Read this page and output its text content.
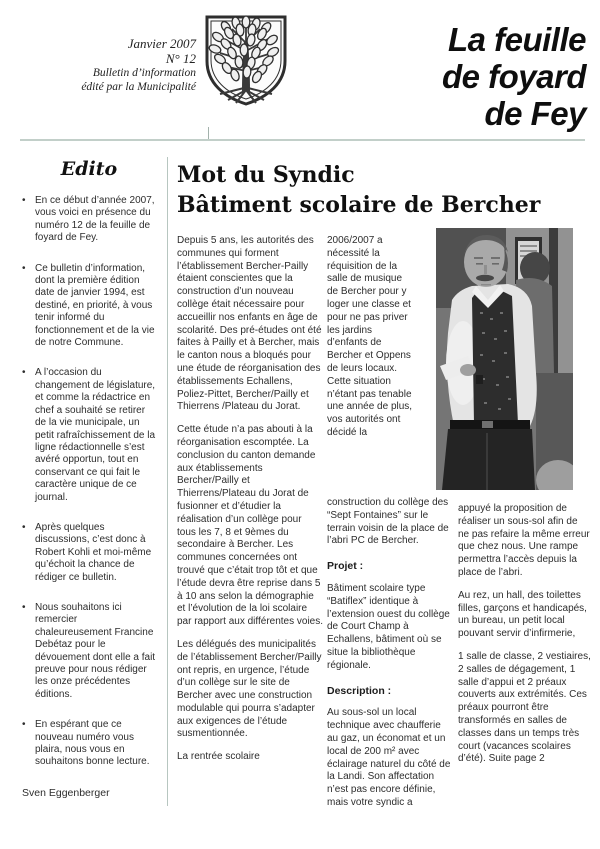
Janvier 2007
N° 12
Bulletin d’information
édité par la Municipalité
La feuille
de foyard
de Fey
Edito
•
En ce début d’année 2007, vous voici en présence du numéro 12 de la feuille de foyard de Fey.
•
Ce bulletin d’information, dont la première édition date de janvier 1994, est destiné, en priorité, à vous tenir informé du fonctionnement et de la vie de notre Commune.
•
A l’occasion du changement de législature, et comme la rédactrice en chef a souhaité se retirer de la vie municipale, un petit rafraîchissement de la ligne rédactionnelle s’est avéré opportun, tout en conservant ce qui fait le caractère unique de ce journal.
•
Après quelques discussions, c’est donc à Robert Kohli et moi-même qu’échoit la chance de rédiger ce bulletin.
•
Nous souhaitons ici remercier chaleureusement Francine Debétaz pour le dévouement dont elle a fait preuve pour nous rédiger les onze précédentes éditions.
•
En espérant que ce nouveau numéro vous plaira, nous vous en souhaitons bonne lecture.
Sven Eggenberger
Mot du Syndic
Bâtiment scolaire de Bercher

Depuis 5 ans, les autorités des communes qui forment l’établissement Bercher-Pailly étaient conscientes que la construction d’un nouveau collège était nécessaire pour accueillir nos enfants en âge de scolarité. Des pré-études ont été faites à Pailly et à Bercher, mais le canton nous a bloqués pour une étude de réorganisation des établissements Echallens, Poliez-Pittet, Bercher/Pailly et Thierrens /Plateau du Jorat.

Cette étude n’a pas abouti à la réorganisation escomptée. La conclusion du canton demande aux établissements Bercher/Pailly et Thierrens/Plateau du Jorat de fusionner et d’étudier la réalisation d’un collège pour tous les 7, 8 et 9èmes du secondaire à Bercher. Les communes concernées ont trouvé que c’était trop tôt et que l’étude devra être reprise dans 5 à 10 ans selon la démographie et l’évolution de la loi scolaire par rapport aux différentes voies.

Les délégués des municipalités de l’établissement Bercher/Pailly ont repris, en urgence, l’étude d’un collège sur le site de Bercher avec une construction modulable qui pourra s’adapter aux exigences de l’étude susmentionnée.

La rentrée scolaire

2006/2007 a nécessité la réquisition de la salle de musique de Bercher pour y loger une classe et pour ne pas priver les jardins d’enfants de Bercher et Oppens de leurs locaux. Cette situation n’étant pas tenable une année de plus, vos autorités ont décidé la

construction du collège des “Sept Fontaines” sur le terrain voisin de la place de l’abri PC de Bercher.

Projet :

Bâtiment scolaire type “Batiflex” identique à l’extension ouest du collège de Court Champ à Echallens, bâtiment où se situe la bibliothèque régionale.

Description :

Au sous-sol un local technique avec chaufferie au gaz, un économat et un local de 200 m² avec éclairage naturel du côté de la Landi. Son affectation n’est pas encore définie, mais votre syndic a

appuyé la proposition de réaliser un sous-sol afin de ne pas refaire la même erreur que chez nous. Une rampe permettra l’accès depuis la place de l’abri.

Au rez, un hall, des toilettes filles, garçons et handicapés, un bureau, un petit local pouvant servir d’infirmerie,

1 salle de classe, 2 vestiaires, 2 salles de dégagement, 1 salle d’appui et 2 préaux couverts aux extrémités. Ces préaux pourront être transformés en salles de classes dans un temps très court (vacances scolaires d’été). Suite page 2
